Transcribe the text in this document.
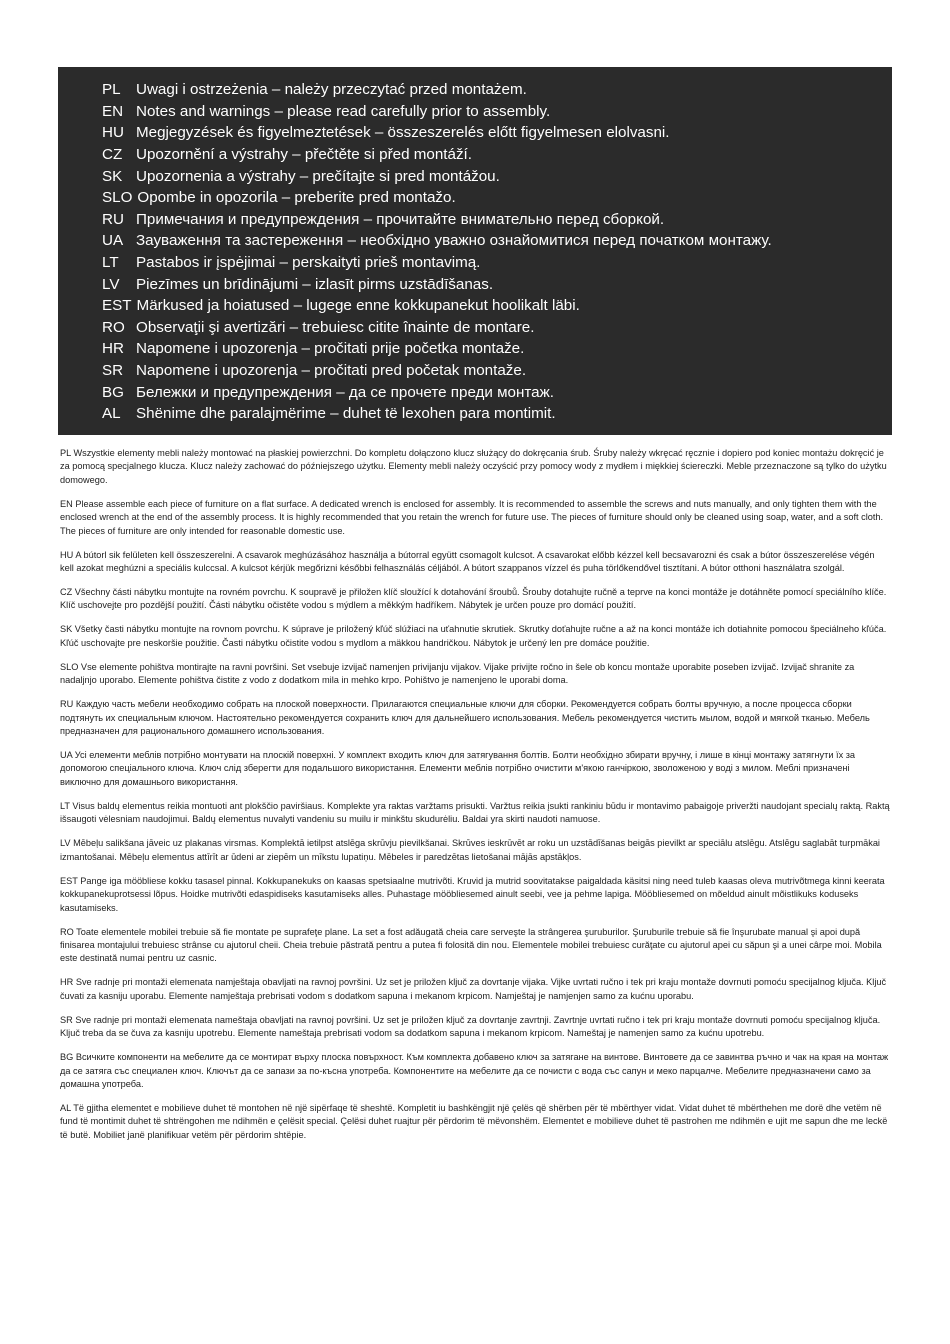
PL	Uwagi i ostrzeżenia – należy przeczytać przed montażem.
EN Notes and warnings – please read carefully prior to assembly.
HU Megjegyzések és figyelmeztetések – összeszerelés előtt figyelmesen elolvasni.
CZ Upozornění a výstrahy – přečtěte si před montáží.
SK Upozornenia a výstrahy – prečítajte si pred montážou.
SLO Opombe in opozorila – preberite pred montažo.
RU Примечания и предупреждения – прочитайте внимательно перед сборкой.
UA Зауваження та застереження – необхідно уважно ознайомитися перед початком монтажу.
LT	Pastabos ir įspėjimai – perskaityti prieš montavimą.
LV	Piezīmes un brīdinājumi – izlasīt pirms uzstādīšanas.
EST Märkused ja hoiatused – lugege enne kokkupanekut hoolikalt läbi.
RO Observaţii şi avertizări – trebuiesc citite înainte de montare.
HR Napomene i upozorenja – pročitati prije početka montaže.
SR Napomene i upozorenja – pročitati pred početak montaže.
BG Бележки и предупреждения – да се прочете преди монтаж.
AL	Shënime dhe paralajmërime – duhet të lexohen para montimit.

PL Wszystkie elementy mebli należy montować na płaskiej powierzchni. Do kompletu dołączono klucz służący do dokręcania śrub. Śruby należy wkręcać ręcznie i dopiero pod koniec montażu dokręcić je za pomocą specjalnego klucza. Klucz należy zachować do późniejszego użytku. Elementy mebli należy oczyścić przy pomocy wody z mydłem i miękkiej ściereczki. Meble przeznaczone są tylko do użytku domowego.

EN Please assemble each piece of furniture on a flat surface. A dedicated wrench is enclosed for assembly. It is recommended to assemble the screws and nuts manually, and only tighten them with the enclosed wrench at the end of the assembly process. It is highly recommended that you retain the wrench for future use. The pieces of furniture should only be cleaned using soap, water, and a soft cloth. The pieces of furniture are only intended for reasonable domestic use.

HU A bútorl sik felületen kell összeszerelni. A csavarok meghúzásához használja a bútorral együtt csomagolt kulcsot. A csavarokat előbb kézzel kell becsavarozni és csak a bútor összeszerelése végén kell azokat meghúzni a speciális kulccsal. A kulcsot kérjük megőrizni későbbi felhasználás céljából. A bútort szappanos vízzel és puha törlőkendővel tisztítani. A bútor otthoni használatra szolgál.

CZ Všechny části nábytku montujte na rovném povrchu. K soupravě je přiložen klíč sloužící k dotahování šroubů. Šrouby dotahujte ručně a teprve na konci montáže je dotáhněte pomocí speciálního klíče. Klíč uschovejte pro pozdější použití. Části nábytku očistěte vodou s mýdlem a měkkým hadříkem. Nábytek je určen pouze pro domácí použití.

SK Všetky časti nábytku montujte na rovnom povrchu. K súprave je priložený kľúč slúžiaci na uťahnutie skrutiek. Skrutky doťahujte ručne a až na konci montáže ich dotiahnite pomocou špeciálneho kľúča. Kľúč uschovajte pre neskoršie použitie. Časti nábytku očistite vodou s mydlom a mäkkou handričkou. Nábytok je určený len pre domáce použitie.

SLO Vse elemente pohištva montirajte na ravni površini. Set vsebuje izvijač namenjen privijanju vijakov. Vijake privijte ročno in šele ob koncu montaže uporabite poseben izvijač. Izvijač shranite za nadaljnjo uporabo. Elemente pohištva čistite z vodo z dodatkom mila in mehko krpo. Pohištvo je namenjeno le uporabi doma.

RU Каждую часть мебели необходимо собрать на плоской поверхности. Прилагаются специальные ключи для сборки. Рекомендуется собрать болты вручную, а после процесса сборки подтянуть их специальным ключом. Настоятельно рекомендуется сохранить ключ для дальнейшего использования. Мебель рекомендуется чистить мылом, водой и мягкой тканью. Мебель предназначен для рационального домашнего использования.

UA Усі елементи меблів потрібно монтувати на плоскій поверхні. У комплект входить ключ для затягування болтів. Болти необхідно збирати вручну, і лише в кінці монтажу затягнути їх за допомогою спеціального ключа. Ключ слід зберегти для подальшого використання. Елементи меблів потрібно очистити м'якою ганчіркою, зволоженою у воді з милом. Меблі призначені виключно для домашнього використання.

LT Visus baldų elementus reikia montuoti ant plokščio paviršiaus. Komplekte yra raktas varžtams prisukti. Varžtus reikia įsukti rankiniu būdu ir montavimo pabaigoje priveržti naudojant specialų raktą. Raktą išsaugoti vėlesniam naudojimui. Baldų elementus nuvalyti vandeniu su muilu ir minkštu skudurėliu. Baldai yra skirti naudoti namuose.

LV Mēbeļu salikšana jāveic uz plakanas virsmas. Komplektā ietilpst atslēga skrūvju pievilkšanai. Skrūves ieskrūvēt ar roku un uzstādīšanas beigās pievilkt ar speciālu atslēgu. Atslēgu saglabāt turpmākai izmantošanai. Mēbeļu elementus attīrīt ar ūdeni ar ziepēm un mīkstu lupatiņu. Mēbeles ir paredzētas lietošanai mājās apstākļos.

EST Pange iga mööbliese kokku tasasel pinnal. Kokkupanekuks on kaasas spetsiaalne mutrivõti. Kruvid ja mutrid soovitatakse paigaldada käsitsi ning need tuleb kaasas oleva mutrivõtmega kinni keerata kokkupanekuprotsessi lõpus. Hoidke mutrivõti edaspidiseks kasutamiseks alles. Puhastage mööbliesemed ainult seebi, vee ja pehme lapiga. Mööbliesemed on mõeldud ainult mõistlikuks koduseks kasutamiseks.

RO Toate elementele mobilei trebuie să fie montate pe suprafeţe plane. La set a fost adăugată cheia care serveşte la strângerea şuruburilor. Şuruburile trebuie să fie înşurubate manual şi apoi după finisarea montajului trebuiesc strânse cu ajutorul cheii. Cheia trebuie păstrată pentru a putea fi folosită din nou. Elementele mobilei trebuiesc curăţate cu ajutorul apei cu săpun şi a unei cârpe moi. Mobila este destinată numai pentru uz casnic.

HR Sve radnje pri montaži elemenata namještaja obavljati na ravnoj površini. Uz set je priložen ključ za dovrtanje vijaka. Vijke uvrtati ručno i tek pri kraju montaže dovrnuti pomoću specijalnog ključa. Ključ čuvati za kasniju uporabu. Elemente namještaja prebrisati vodom s dodatkom sapuna i mekanom krpicom. Namještaj je namjenjen samo za kućnu uporabu.

SR Sve radnje pri montaži elemenata nameštaja obavljati na ravnoj površini. Uz set je priložen ključ za dovrtanje zavrtnji. Zavrtnje uvrtati ručno i tek pri kraju montaže dovrnuti pomoću specijalnog ključa. Ključ treba da se čuva za kasniju upotrebu. Elemente nameštaja prebrisati vodom sa dodatkom sapuna i mekanom krpicom. Nameštaj je namenjen samo za kućnu upotrebu.

BG Всичките компоненти на мебелите да се монтират върху плоска повърхност. Към комплекта добавено ключ за затягане на винтове. Винтовете да се завинтва ръчно и чак на края на монтаж да се затяга със специален ключ. Ключът да се запази за по-късна употреба. Компонентите на мебелите да се почисти с вода със сапун и меко парцалче. Мебелите предназначени само за домашна употреба.

AL Të gjitha elementet e mobilieve duhet të montohen në një sipërfaqe të sheshtë. Kompletit iu bashkëngjit një çelës që shërben për të mbërthyer vidat. Vidat duhet të mbërthehen me dorë dhe vetëm në fund të montimit duhet të shtrëngohen me ndihmën e çelësit special. Çelësi duhet ruajtur për përdorim të mëvonshëm. Elementet e mobilieve duhet të pastrohen me ndihmën e ujit me sapun dhe me leckë të butë. Mobiliet janë planifikuar vetëm për përdorim shtëpie.
